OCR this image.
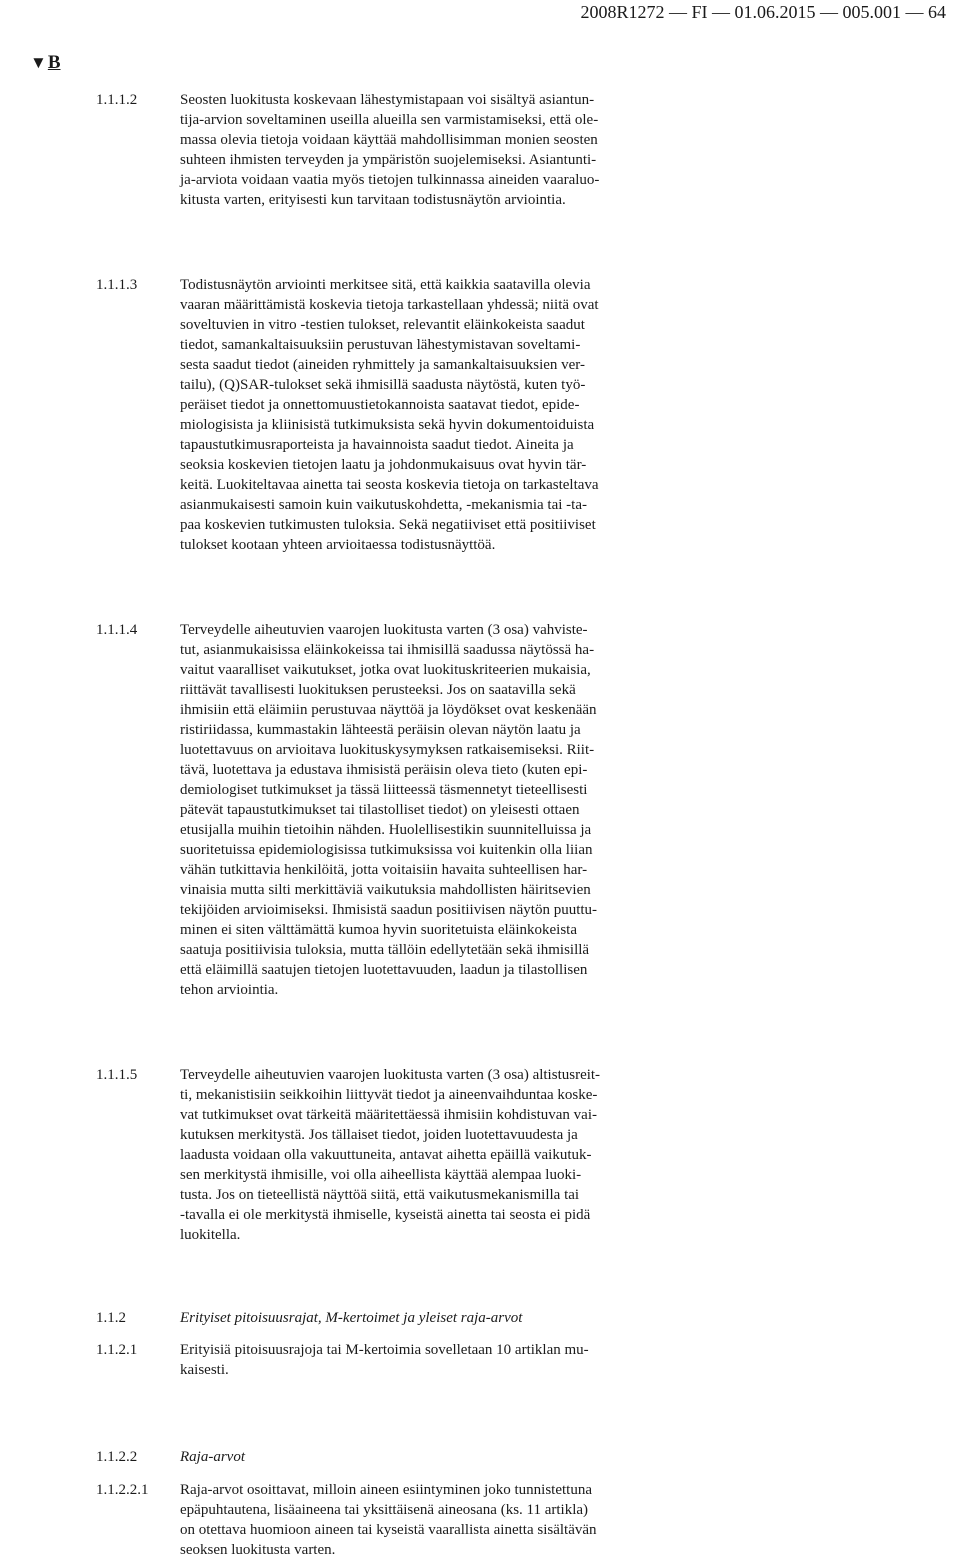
2008R1272 — FI — 01.06.2015 — 005.001 — 64
▼B
1.1.1.2	Seosten luokitusta koskevaan lähestymistapaan voi sisältyä asiantun-
tija-arvion soveltaminen useilla alueilla sen varmistamiseksi, että ole-
massa olevia tietoja voidaan käyttää mahdollisimman monien seosten
suhteen ihmisten terveyden ja ympäristön suojelemiseksi. Asiantunti-
ja-arviota voidaan vaatia myös tietojen tulkinnassa aineiden vaaraluo-
kitusta varten, erityisesti kun tarvitaan todistusnäytön arviointia.
1.1.1.3	Todistusnäytön arviointi merkitsee sitä, että kaikkia saatavilla olevia
vaaran määrittämistä koskevia tietoja tarkastellaan yhdessä; niitä ovat
soveltuvien in vitro -testien tulokset, relevantit eläinkokeista saadut
tiedot, samankaltaisuuksiin perustuvan lähestymistavan soveltami-
sesta saadut tiedot (aineiden ryhmittely ja samankaltaisuuksien ver-
tailu), (Q)SAR-tulokset sekä ihmisillä saadusta näytöstä, kuten työ-
peräiset tiedot ja onnettomuustietokannoista saatavat tiedot, epide-
miologisista ja kliinisistä tutkimuksista sekä hyvin dokumentoiduista
tapaustutkimusraporteista ja havainnoista saadut tiedot. Aineita ja
seoksia koskevien tietojen laatu ja johdonmukaisuus ovat hyvin tär-
keitä. Luokiteltavaa ainetta tai seosta koskevia tietoja on tarkasteltava
asianmukaisesti samoin kuin vaikutuskohdetta, -mekanismia tai -ta-
paa koskevien tutkimusten tuloksia. Sekä negatiiviset että positiiviset
tulokset kootaan yhteen arvioitaessa todistusnäyttöä.
1.1.1.4	Terveydelle aiheutuvien vaarojen luokitusta varten (3 osa) vahviste-
tut, asianmukaisissa eläinkokeissa tai ihmisillä saadussa näytössä ha-
vaitut vaaralliset vaikutukset, jotka ovat luokituskriteerien mukaisia,
riittävät tavallisesti luokituksen perusteeksi. Jos on saatavilla sekä
ihmisiin että eläimiin perustuvaa näyttöä ja löydökset ovat keskenään
ristiriidassa, kummastakin lähteestä peräisin olevan näytön laatu ja
luotettavuus on arvioitava luokituskysymyksen ratkaisemiseksi. Riit-
tävä, luotettava ja edustava ihmisistä peräisin oleva tieto (kuten epi-
demiologiset tutkimukset ja tässä liitteessä täsmennetyt tieteellisesti
pätevät tapaustutkimukset tai tilastolliset tiedot) on yleisesti ottaen
etusijalla muihin tietoihin nähden. Huolellisestikin suunnitelluissa ja
suoritetuissa epidemiologisissa tutkimuksissa voi kuitenkin olla liian
vähän tutkittavia henkilöitä, jotta voitaisiin havaita suhteellisen har-
vinaisia mutta silti merkittäviä vaikutuksia mahdollisten häiritsevien
tekijöiden arvioimiseksi. Ihmisistä saadun positiivisen näytön puuttu-
minen ei siten välttämättä kumoa hyvin suoritetuista eläinkokeista
saatuja positiivisia tuloksia, mutta tällöin edellytetään sekä ihmisillä
että eläimillä saatujen tietojen luotettavuuden, laadun ja tilastollisen
tehon arviointia.
1.1.1.5	Terveydelle aiheutuvien vaarojen luokitusta varten (3 osa) altistusreit-
ti, mekanistisiin seikkoihin liittyvät tiedot ja aineenvaihduntaa koske-
vat tutkimukset ovat tärkeitä määritettäessä ihmisiin kohdistuvan vai-
kutuksen merkitystä. Jos tällaiset tiedot, joiden luotettavuudesta ja
laadusta voidaan olla vakuuttuneita, antavat aihetta epäillä vaikutuk-
sen merkitystä ihmisille, voi olla aiheellista käyttää alempaa luoki-
tusta. Jos on tieteellistä näyttöä siitä, että vaikutusmekanismilla tai
-tavalla ei ole merkitystä ihmiselle, kyseistä ainetta tai seosta ei pidä
luokitella.
1.1.2	Erityiset pitoisuusrajat, M-kertoimet ja yleiset raja-arvot
1.1.2.1	Erityisiä pitoisuusrajoja tai M-kertoimia sovelletaan 10 artiklan mu-
kaisesti.
1.1.2.2	Raja-arvot
1.1.2.2.1 Raja-arvot osoittavat, milloin aineen esiintyminen joko tunnistettuna
epäpuhtautena, lisäaineena tai yksittäisenä aineosana (ks. 11 artikla)
on otettava huomioon aineen tai kyseistä vaarallista ainetta sisältävän
seoksen luokitusta varten.
